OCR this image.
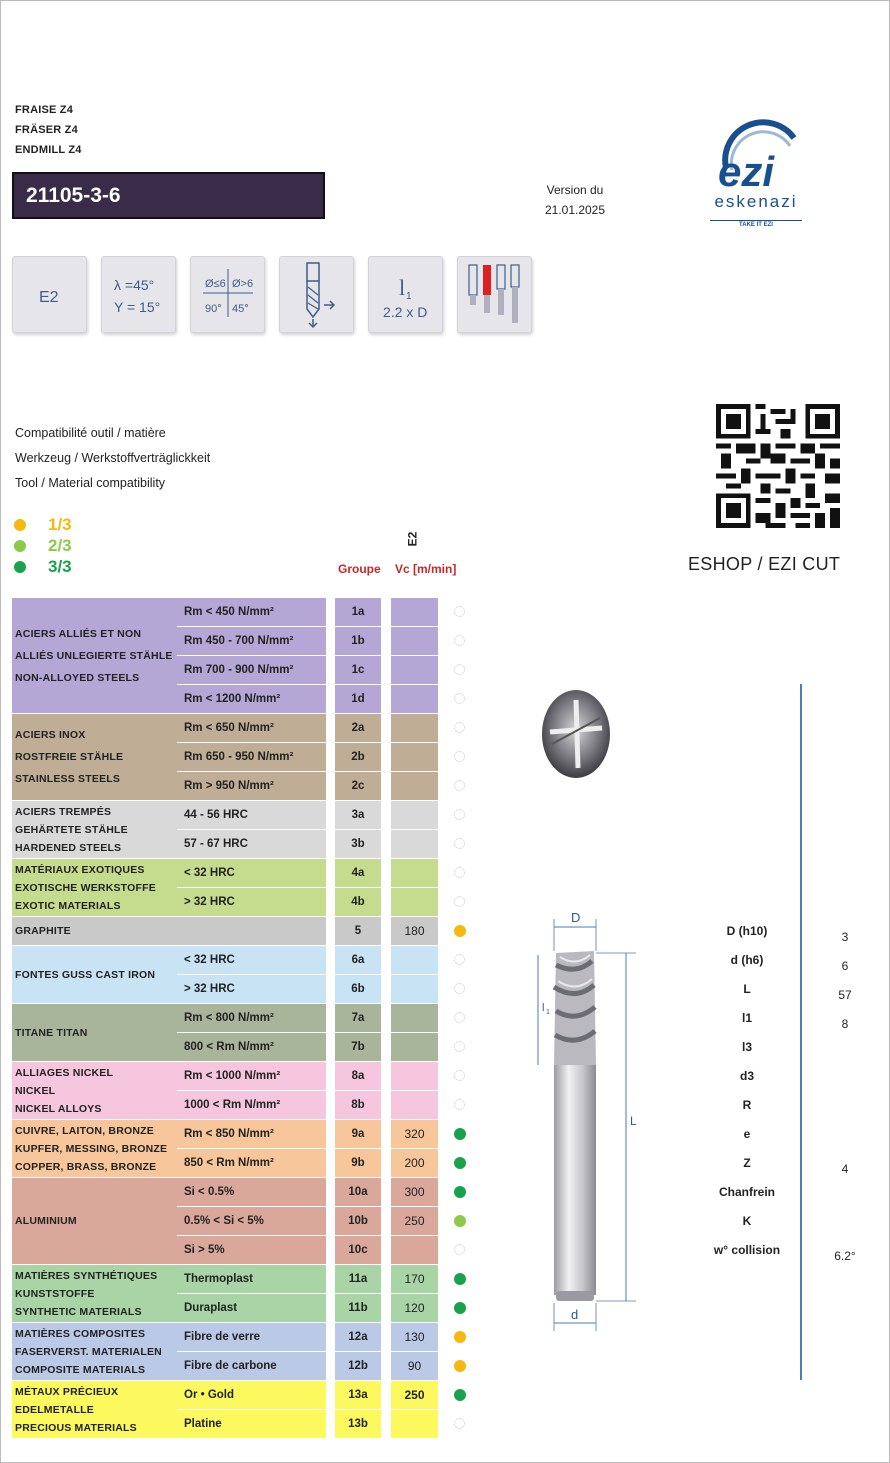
FRAISE Z4
FRÄSER Z4
ENDMILL Z4
21105-3-6	Version du
21.01.2025
ezi
eskenazi
TAKE IT EZI
E2
λ =45°
Y = 15°
Ø≤6 Ø>6
90° 45°
l 1
2.2 x D
Compatibilité outil / matière
Werkzeug / Werkstoffverträglickkeit
Tool / Material compatibility
1/3
2/3
3/3
E2
Groupe Vc [m/min]	ESHOP / EZI CUT
ACIERS ALLIÉS ET NON
ALLIÉS UNLEGIERTE STÄHLE
NON-ALLOYED STEELS
Rm < 450 N/mm²	1a
Rm 450 - 700 N/mm²	1b
Rm 700 - 900 N/mm²	1c
Rm < 1200 N/mm²	1d
ACIERS INOX
ROSTFREIE STÄHLE
STAINLESS STEELS
Rm < 650 N/mm²	2a
Rm 650 - 950 N/mm²	2b
Rm > 950 N/mm²	2c
ACIERS TREMPÉS
GEHÄRTETE STÄHLE
HARDENED STEELS
44 - 56 HRC	3a
57 - 67 HRC	3b
MATÉRIAUX EXOTIQUES
EXOTISCHE WERKSTOFFE
EXOTIC MATERIALS
< 32 HRC	4a
> 32 HRC	4b
GRAPHITE	5	180
FONTES GUSS CAST IRON
< 32 HRC	6a
> 32 HRC	6b
TITANE TITAN
Rm < 800 N/mm²	7a
800 < Rm N/mm²	7b
ALLIAGES NICKEL
NICKEL
NICKEL ALLOYS
Rm < 1000 N/mm²	8a
1000 < Rm N/mm²	8b
CUIVRE, LAITON, BRONZE
KUPFER, MESSING, BRONZE
COPPER, BRASS, BRONZE
Rm < 850 N/mm²	9a	320
850 < Rm N/mm²	9b	200
ALUMINIUM
Si < 0.5%	10a	300
0.5% < Si < 5%	10b	250
Si > 5%	10c
MATIÈRES SYNTHÉTIQUES
KUNSTSTOFFE
SYNTHETIC MATERIALS
Thermoplast	11a	170
Duraplast	11b	120
MATIÈRES COMPOSITES
FASERVERST. MATERIALEN
COMPOSITE MATERIALS
Fibre de verre	12a	130
Fibre de carbone	12b	90
MÉTAUX PRÉCIEUX
EDELMETALLE
PRECIOUS MATERIALS
Or • Gold	13a	250
Platine	13b
D
l 1
L
d
D (h10)	3
d (h6)	6
L	57
l1	8
l3
d3
R
e
Z	4
Chanfrein
K
w° collision	6.2°
